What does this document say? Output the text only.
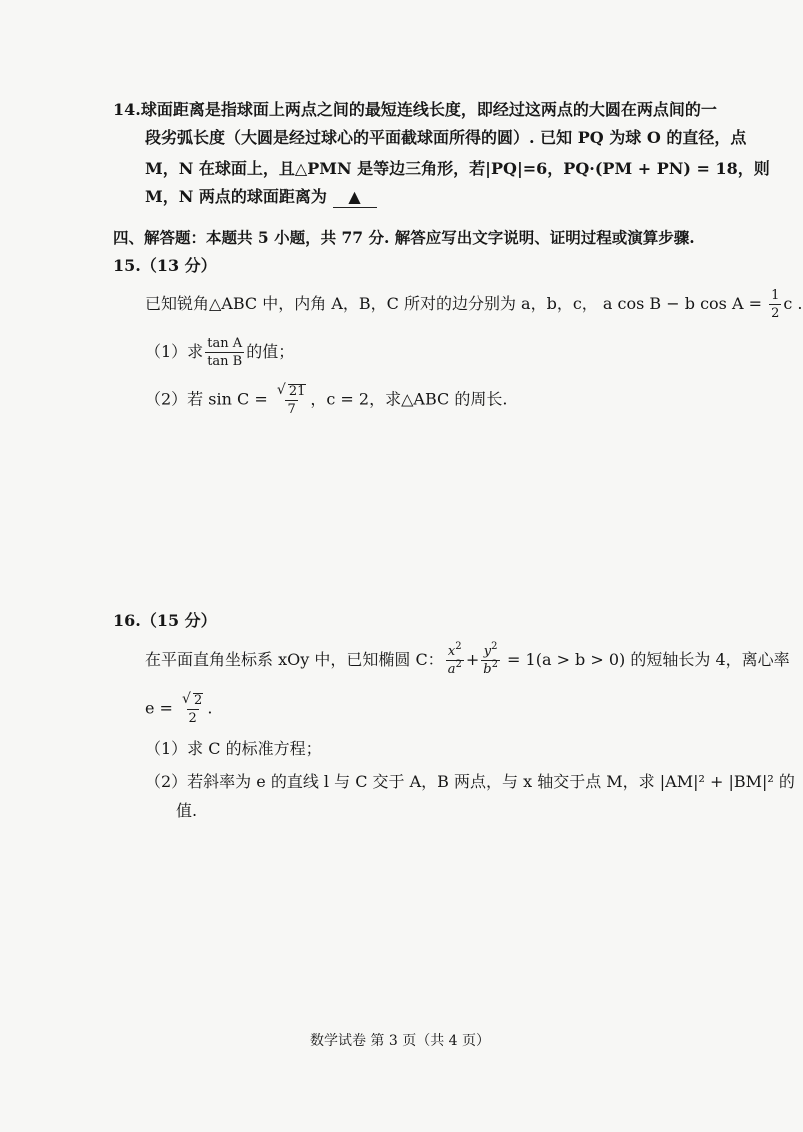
14.球面距离是指球面上两点之间的最短连线长度，即经过这两点的大圆在两点间的一
段劣弧长度（大圆是经过球心的平面截球面所得的圆）. 已知 PQ 为球 O 的直径，点
M，N 在球面上，且△PMN 是等边三角形，若|PQ|=6，PQ·(PM + PN) = 18，则
M，N 两点的球面距离为 ▲
四、解答题：本题共 5 小题，共 77 分. 解答应写出文字说明、证明过程或演算步骤.
15.（13 分）
已知锐角△ABC 中，内角 A，B，C 所对的边分别为 a，b，c， a cos B − b $\cos A = \frac{1}{2}$ c .
（1）求 $\frac{\text{tan A}}{\text{tan B}}$ 的值；
（2）若 sin C = √ $\frac{21}{7}$ ，c = 2，求△ABC 的周长.
16.（15 分）
在平面直角坐标系 xOy 中，已知椭圆 C： $\frac{x^2}{a^2} + \frac{y^2}{b^2} = 1(a > b > 0)$ 的短轴长为 4，离心率
e = √ $\frac{2}{2}$ .
（1）求 C 的标准方程；
（2）若斜率为 e 的直线 l 与 C 交于 A，B 两点，与 x 轴交于点 M，求 |AM|² + |BM|² 的
值.
数学试卷 第 3 页（共 4 页）
